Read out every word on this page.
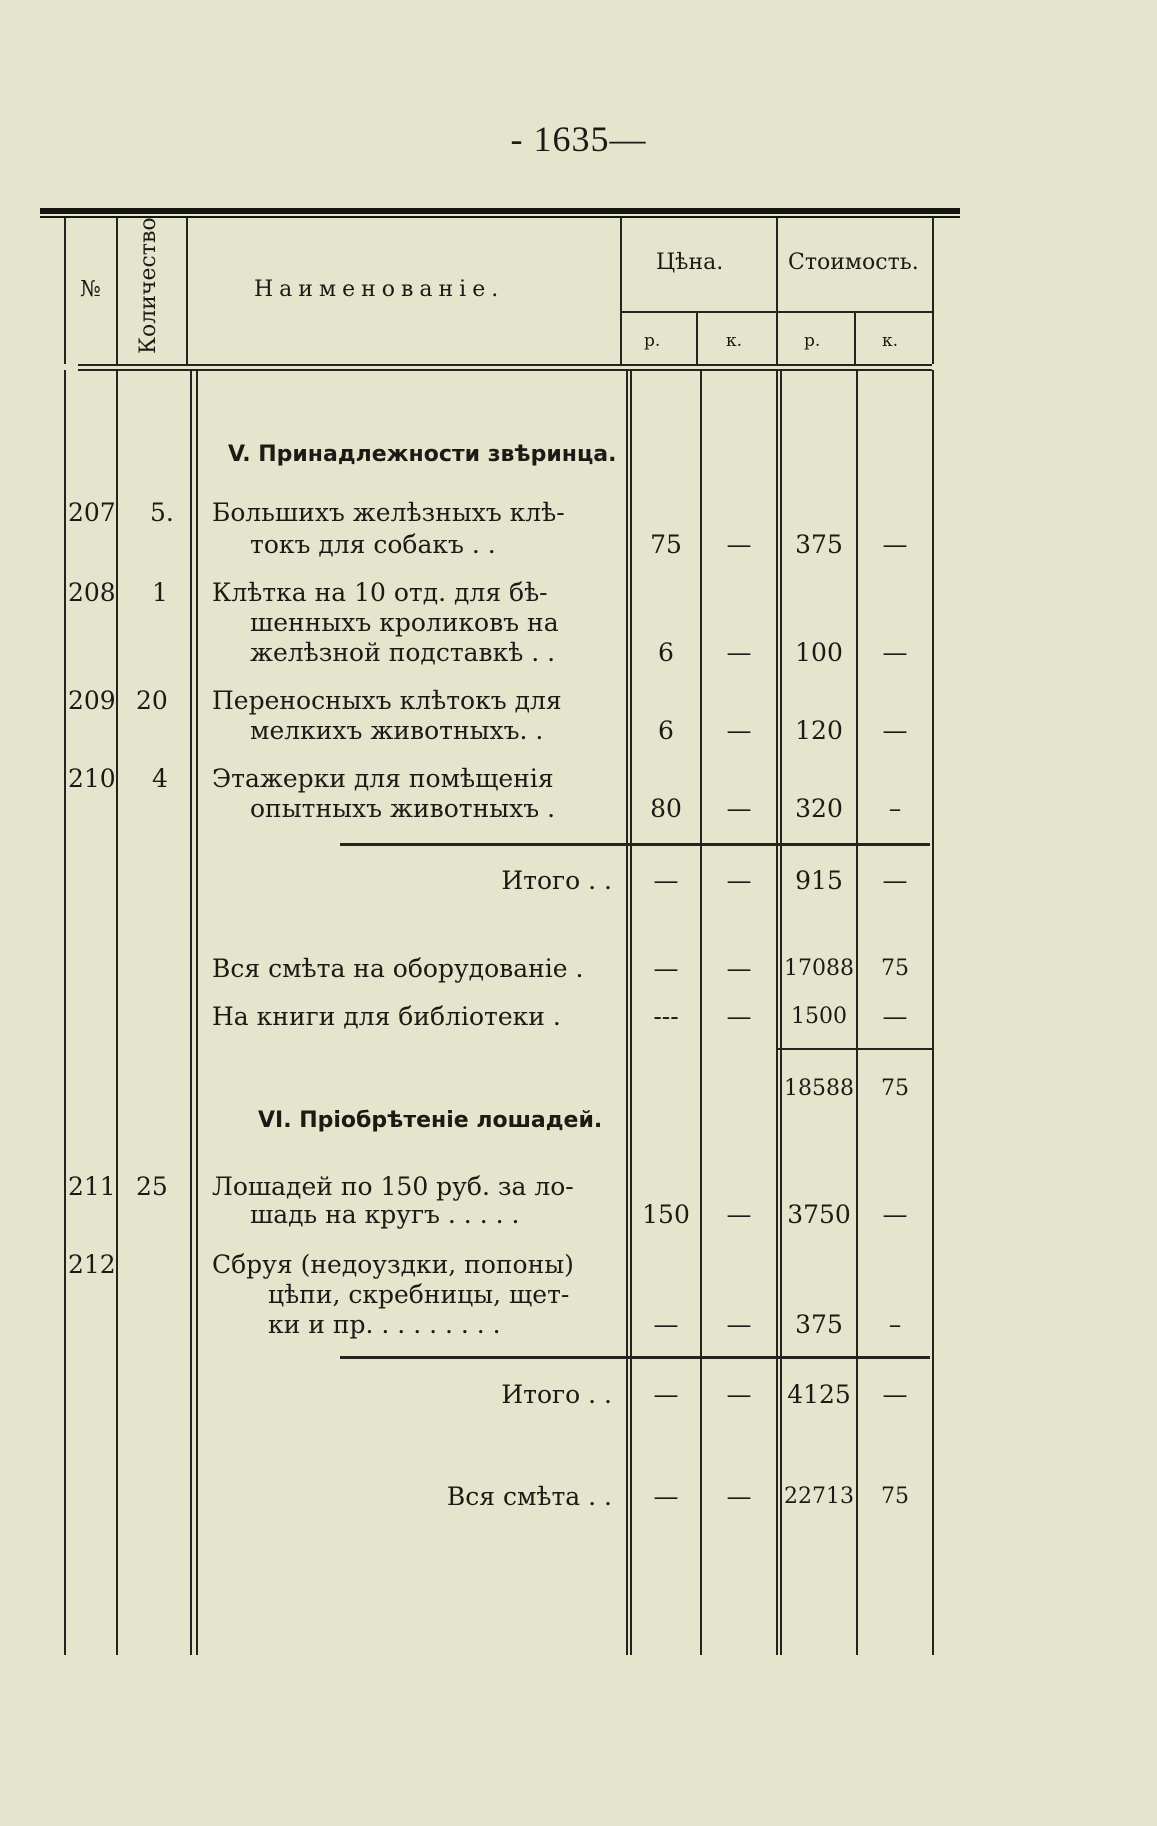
- 1635—
№ Количество	Наименованіе.
Цѣна.	Стоимость.
р.	к.	р.	к.
V. Принадлежности звѣринца.
207 5. Большихъ желѣзныхъ клѣ-
токъ для собакъ . .	75	—	375	—
208 1 Клѣтка на 10 отд. для бѣ-
шенныхъ кроликовъ на
желѣзной подставкѣ . .	6	—	100	—
209 20 Переносныхъ клѣтокъ для
мелкихъ животныхъ. .	6	—	120	—
210 4 Этажерки для помѣщенія
опытныхъ животныхъ .	80	—	320	–
Итого . .	—	—	915	—
Вся смѣта на оборудованіе .	—	—	17088	75
На книги для библіотеки .	---	—	1500	—
18588	75
VI. Пріобрѣтеніе лошадей.
211 25 Лошадей по 150 руб. за ло-
шадь на кругъ . . . . .	150	—	3750	—
212	Сбруя (недоуздки, попоны)
цѣпи, скребницы, щет-
ки и пр. . . . . . . . .	—	—	375	–
Итого . .	—	—	4125	—
Вся смѣта . .	—	—	22713	75
